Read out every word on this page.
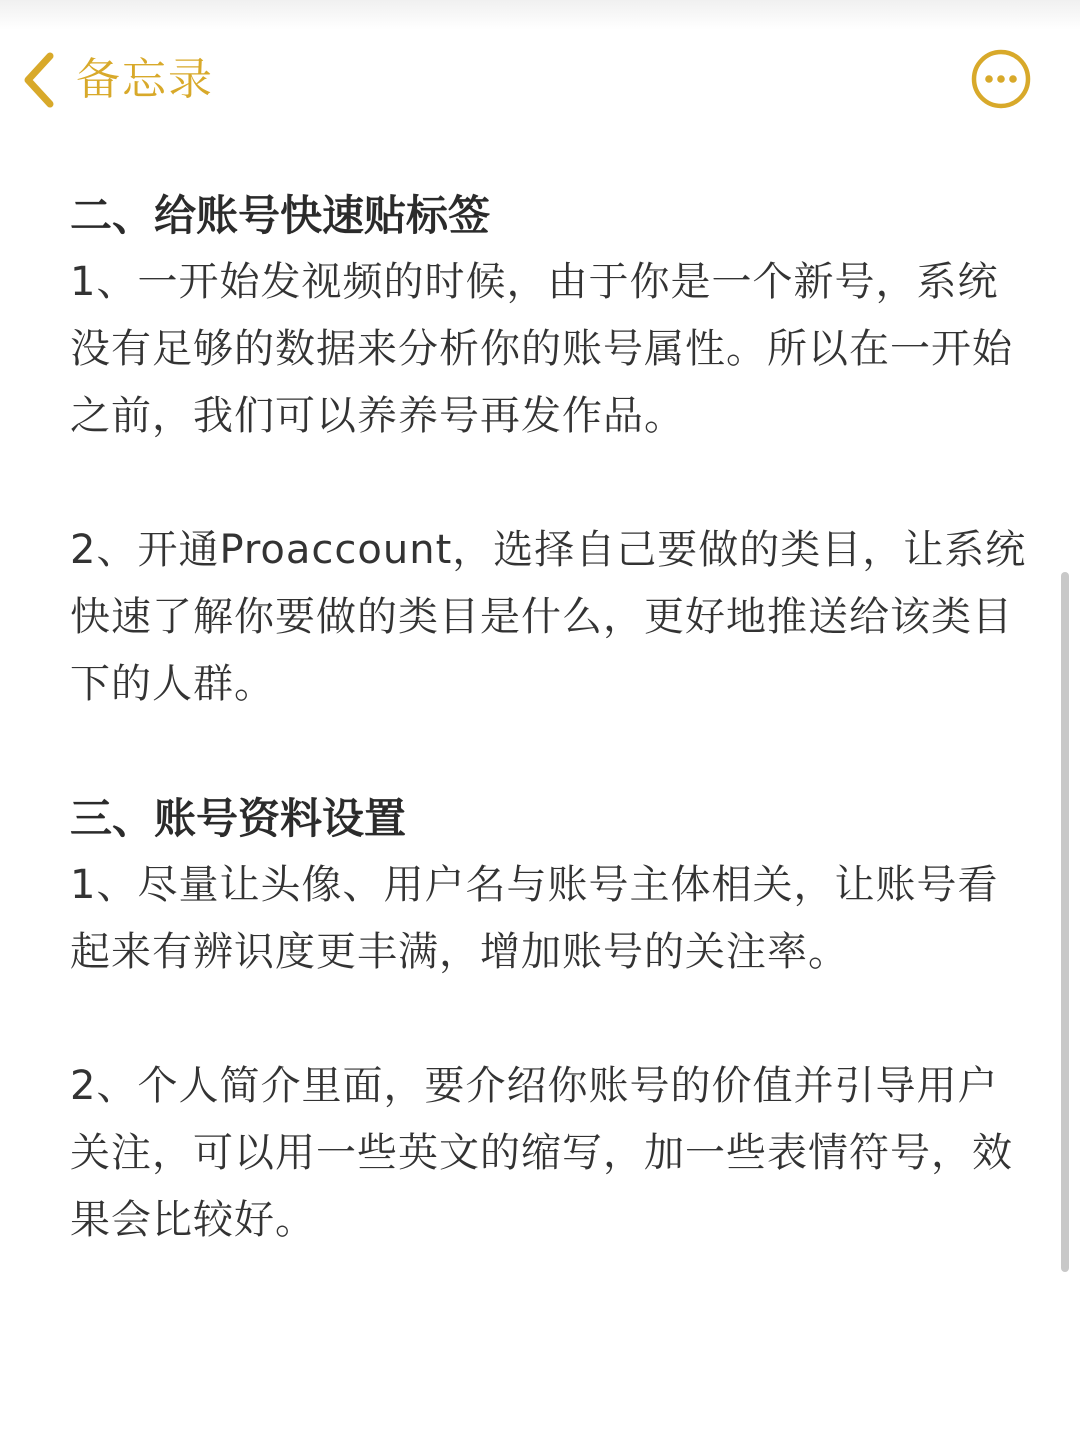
备忘录

二、给账号快速贴标签

1、一开始发视频的时候，由于你是一个新号，系统没有足够的数据来分析你的账号属性。所以在一开始之前，我们可以养养号再发作品。

2、开通Proaccount，选择自己要做的类目，让系统快速了解你要做的类目是什么，更好地推送给该类目下的人群。

三、账号资料设置

1、尽量让头像、用户名与账号主体相关，让账号看起来有辨识度更丰满，增加账号的关注率。

2、个人简介里面，要介绍你账号的价值并引导用户关注，可以用一些英文的缩写，加一些表情符号，效果会比较好。
